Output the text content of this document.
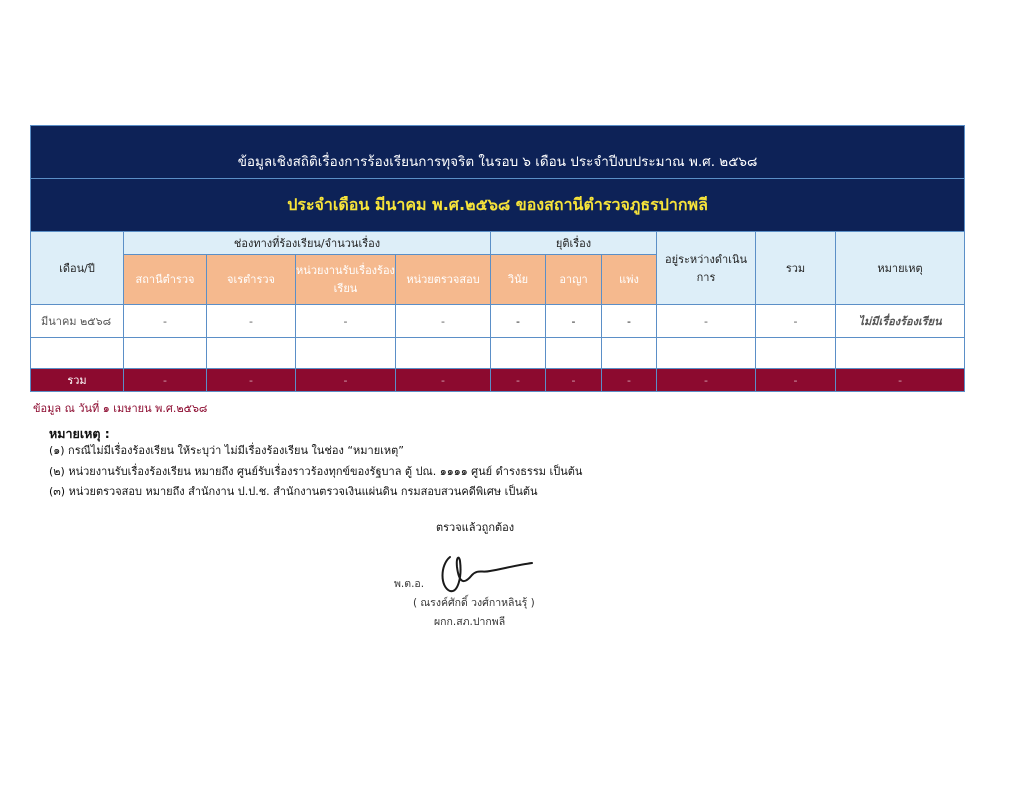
ข้อมูลเชิงสถิติเรื่องการร้องเรียนการทุจริต ในรอบ ๖ เดือน ประจำปีงบประมาณ พ.ศ. ๒๕๖๘										
ประจำเดือน มีนาคม พ.ศ.๒๕๖๘ ของสถานีตำรวจภูธรปากพลี										
เดือน/ปี	ช่องทางที่ร้องเรียน/จำนวนเรื่อง				ยุติเรื่อง			อยู่ระหว่างดำเนินการ	รวม	หมายเหตุ
	สถานีตำรวจ	จเรตำรวจ	หน่วยงานรับเรื่องร้องเรียน	หน่วยตรวจสอบ	วินัย	อาญา	แพ่ง			
มีนาคม ๒๕๖๘	-	-	-	-	-	-	-	-	-	ไม่มีเรื่องร้องเรียน

รวม	-	-	-	-	-	-	-	-	-	-
ข้อมูล ณ วันที่ ๑ เมษายน พ.ศ.๒๕๖๘
หมายเหตุ :
(๑) กรณีไม่มีเรื่องร้องเรียน ให้ระบุว่า ไม่มีเรื่องร้องเรียน ในช่อง “หมายเหตุ”
(๒) หน่วยงานรับเรื่องร้องเรียน หมายถึง ศูนย์รับเรื่องราวร้องทุกข์ของรัฐบาล ตู้ ปณ. ๑๑๑๑ ศูนย์ ดำรงธรรม เป็นต้น
(๓) หน่วยตรวจสอบ หมายถึง สำนักงาน ป.ป.ช. สำนักงานตรวจเงินแผ่นดิน กรมสอบสวนคดีพิเศษ เป็นต้น
ตรวจแล้วถูกต้อง
พ.ต.อ.
( ณรงค์ศักดิ์ วงศ์กาหลินรุ้ )
ผกก.สภ.ปากพลี
